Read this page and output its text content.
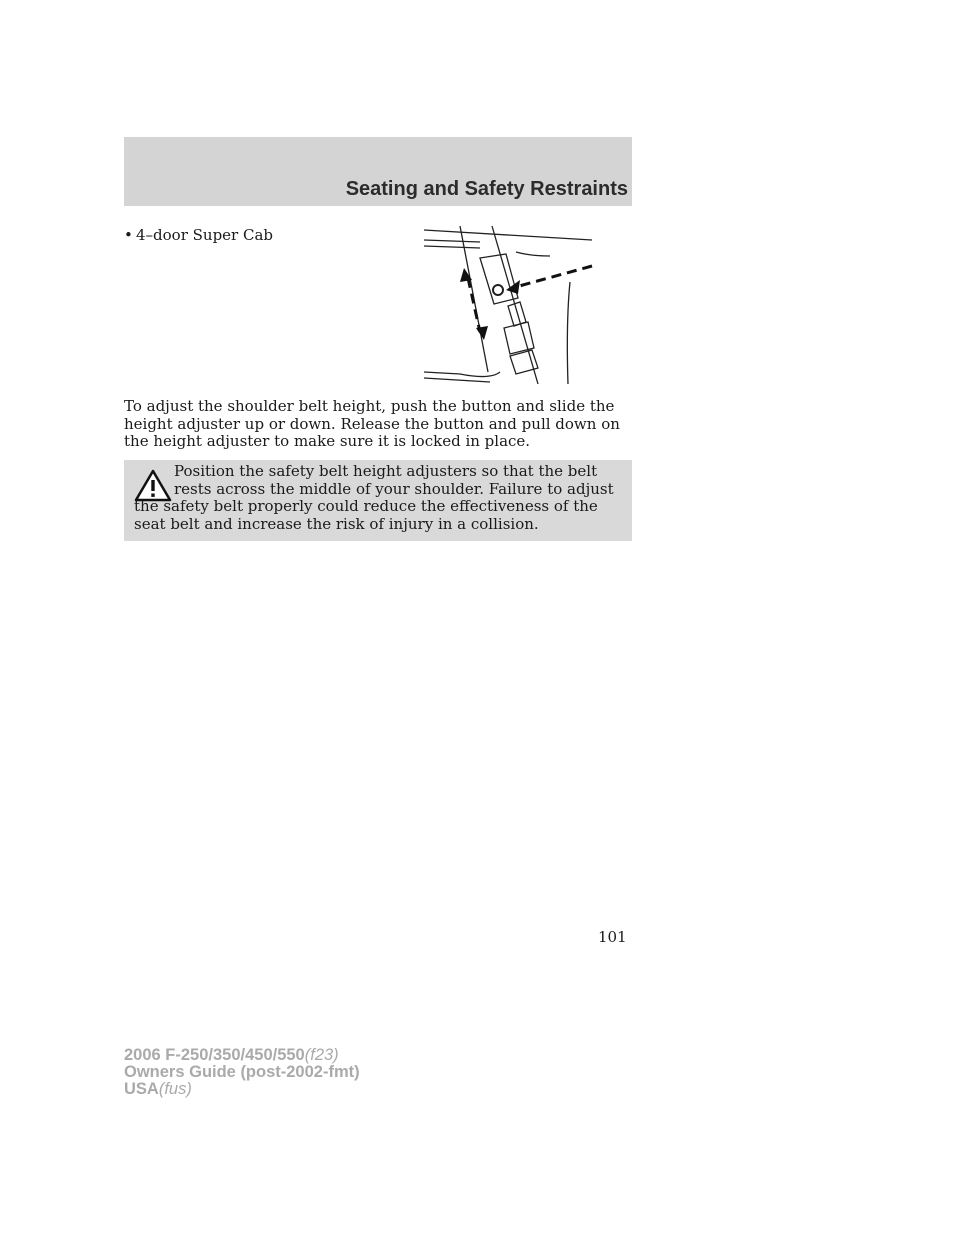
Seating and Safety Restraints
• 4–door Super Cab
To adjust the shoulder belt height, push the button and slide the height adjuster up or down. Release the button and pull down on the height adjuster to make sure it is locked in place.
Position the safety belt height adjusters so that the belt rests across the middle of your shoulder. Failure to adjust the safety belt properly could reduce the effectiveness of the seat belt and increase the risk of injury in a collision.
101
2006 F-250/350/450/550(f23)
Owners Guide (post-2002-fmt)
USA(fus)
